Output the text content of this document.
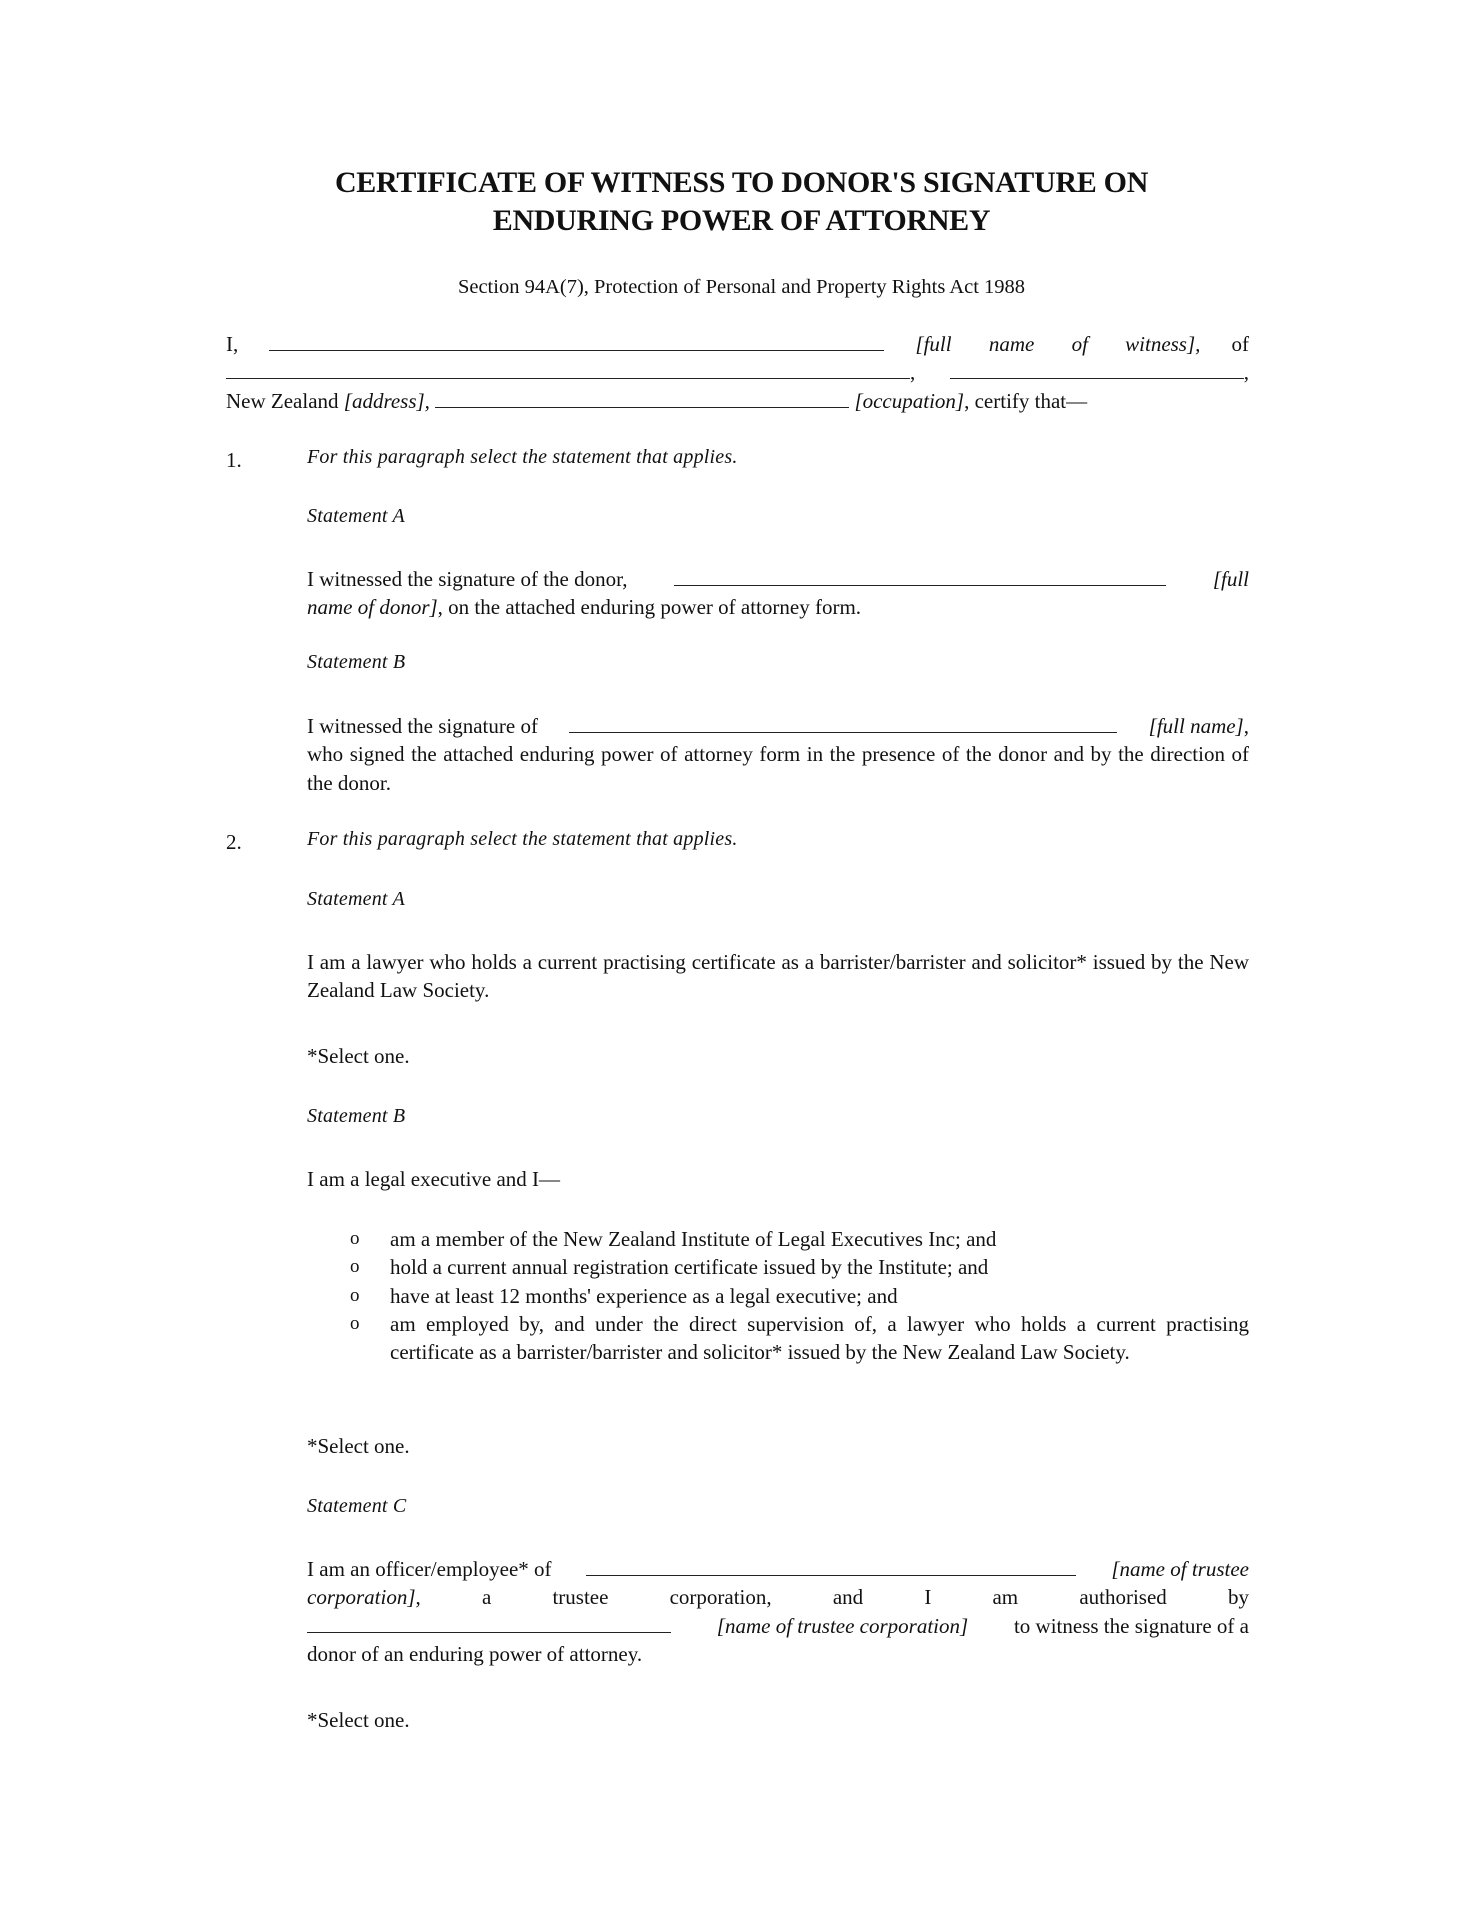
CERTIFICATE OF WITNESS TO DONOR'S SIGNATURE ON
ENDURING POWER OF ATTORNEY
Section 94A(7), Protection of Personal and Property Rights Act 1988
I,	[full name of witness], of
,	,
New Zealand [address],	[occupation], certify that—
1.	For this paragraph select the statement that applies.
Statement A
I witnessed the signature of the donor,	[full
name of donor], on the attached enduring power of attorney form.
Statement B
I witnessed the signature of	[full name],
who signed the attached enduring power of attorney form in the presence of the donor and by the direction of the donor.
2.	For this paragraph select the statement that applies.
Statement A
I am a lawyer who holds a current practising certificate as a barrister/barrister and solicitor* issued by the New Zealand Law Society.
*Select one.
Statement B
I am a legal executive and I—
o am a member of the New Zealand Institute of Legal Executives Inc; and
o hold a current annual registration certificate issued by the Institute; and
o have at least 12 months' experience as a legal executive; and
o am employed by, and under the direct supervision of, a lawyer who holds a current practising certificate as a barrister/barrister and solicitor* issued by the New Zealand Law Society.
*Select one.
Statement C
I am an officer/employee* of	[name of trustee
corporation],	a	trustee	corporation,	and	I	am	authorised	by
[name of trustee corporation] to witness the signature of a
donor of an enduring power of attorney.
*Select one.
